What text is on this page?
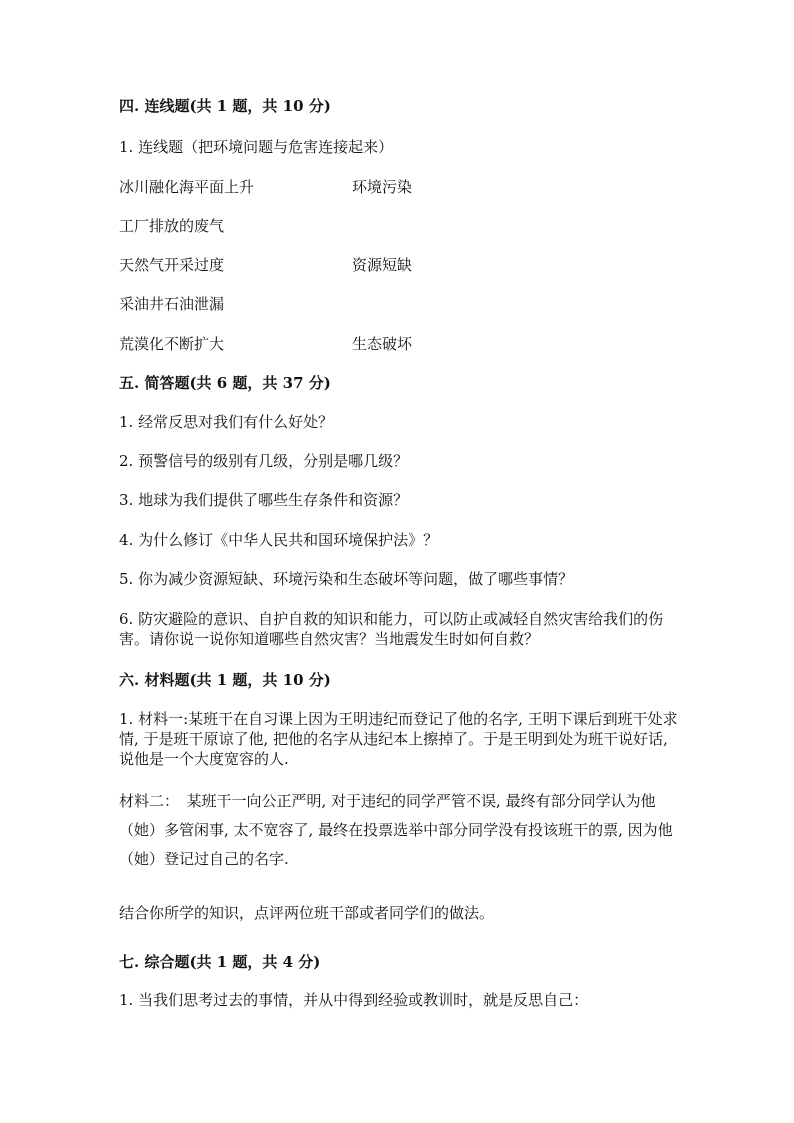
四. 连线题(共 1 题，共 10 分)
1. 连线题（把环境问题与危害连接起来）
冰川融化海平面上升	环境污染
工厂排放的废气
天然气开采过度	资源短缺
采油井石油泄漏
荒漠化不断扩大	生态破坏
五. 简答题(共 6 题，共 37 分)
1. 经常反思对我们有什么好处？
2. 预警信号的级别有几级，分别是哪几级？
3. 地球为我们提供了哪些生存条件和资源？
4. 为什么修订《中华人民共和国环境保护法》？
5. 你为减少资源短缺、环境污染和生态破坏等问题，做了哪些事情？
6. 防灾避险的意识、自护自救的知识和能力，可以防止或减轻自然灾害给我们的伤害。请你说一说你知道哪些自然灾害？当地震发生时如何自救？
六. 材料题(共 1 题，共 10 分)
1. 材料一:某班干在自习课上因为王明违纪而登记了他的名字, 王明下课后到班干处求情, 于是班干原谅了他, 把他的名字从违纪本上擦掉了。于是王明到处为班干说好话, 说他是一个大度宽容的人.
材料二：　某班干一向公正严明, 对于违纪的同学严管不误, 最终有部分同学认为他（她）多管闲事, 太不宽容了, 最终在投票选举中部分同学没有投该班干的票, 因为他（她）登记过自己的名字.
结合你所学的知识，点评两位班干部或者同学们的做法。
七. 综合题(共 1 题，共 4 分)
1. 当我们思考过去的事情，并从中得到经验或教训时，就是反思自己：
